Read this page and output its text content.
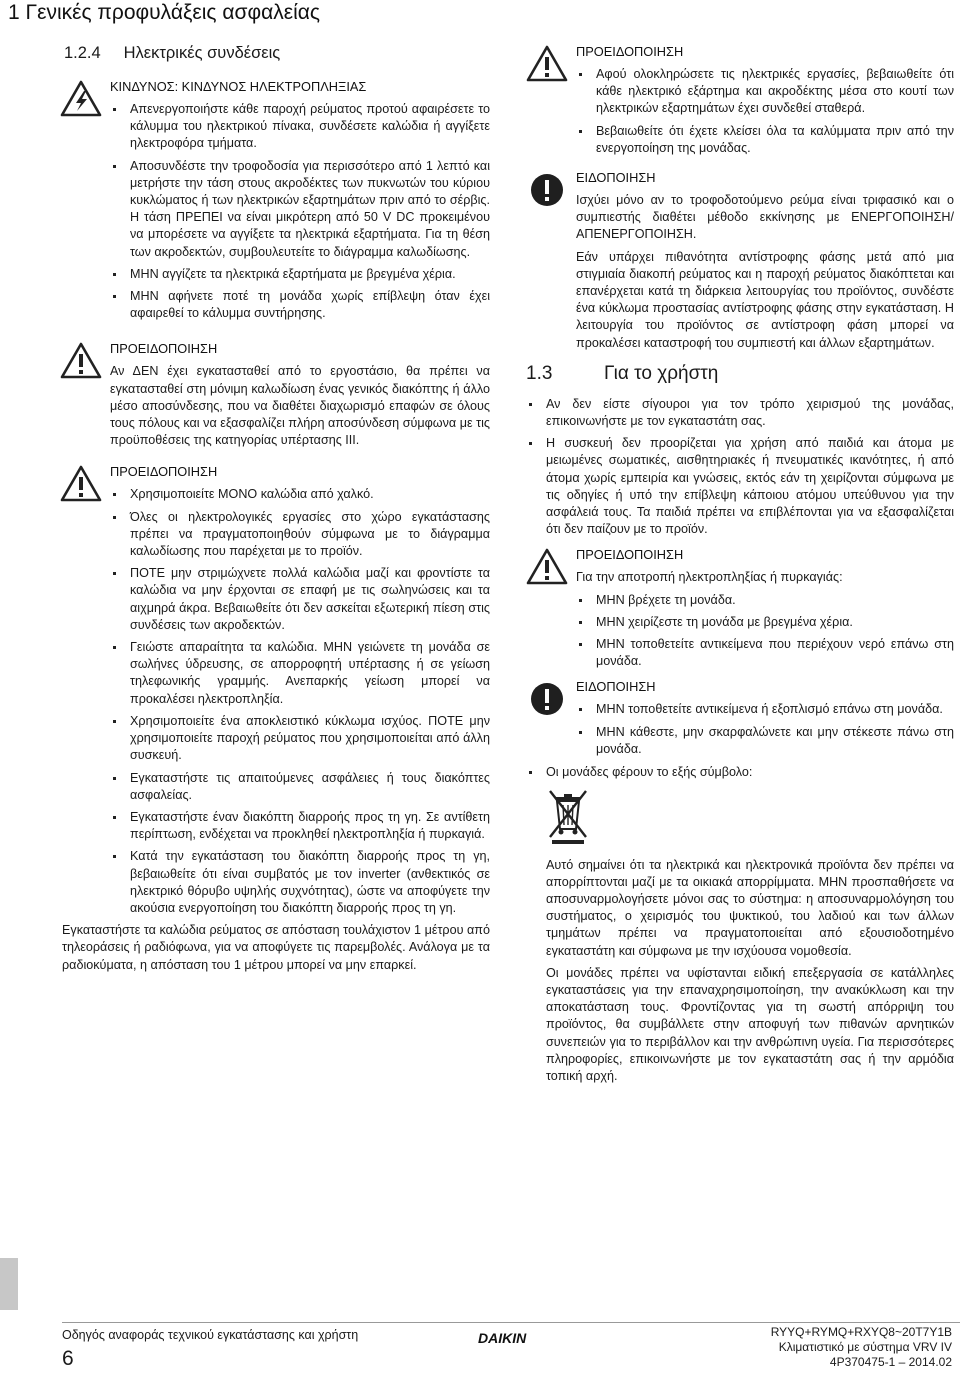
1 Γενικές προφυλάξεις ασφαλείας
1.2.4 Ηλεκτρικές συνδέσεις
ΚΙΝΔΥΝΟΣ: ΚΙΝΔΥΝΟΣ ΗΛΕΚΤΡΟΠΛΗΞΙΑΣ
Απενεργοποιήστε κάθε παροχή ρεύματος προτού αφαιρέσετε το κάλυμμα του ηλεκτρικού πίνακα, συνδέσετε καλώδια ή αγγίξετε ηλεκτροφόρα τμήματα.
Αποσυνδέστε την τροφοδοσία για περισσότερο από 1 λεπτό και μετρήστε την τάση στους ακροδέκτες των πυκνωτών του κύριου κυκλώματος ή των ηλεκτρικών εξαρτημάτων πριν από το σέρβις. Η τάση ΠΡΕΠΕΙ να είναι μικρότερη από 50 V DC προκειμένου να μπορέσετε να αγγίξετε τα ηλεκτρικά εξαρτήματα. Για τη θέση των ακροδεκτών, συμβουλευτείτε το διάγραμμα καλωδίωσης.
ΜΗΝ αγγίζετε τα ηλεκτρικά εξαρτήματα με βρεγμένα χέρια.
ΜΗΝ αφήνετε ποτέ τη μονάδα χωρίς επίβλεψη όταν έχει αφαιρεθεί το κάλυμμα συντήρησης.
ΠΡΟΕΙΔΟΠΟΙΗΣΗ

Αν ΔΕΝ έχει εγκατασταθεί από το εργοστάσιο, θα πρέπει να εγκατασταθεί στη μόνιμη καλωδίωση ένας γενικός διακόπτης ή άλλο μέσο αποσύνδεσης, που να διαθέτει διαχωρισμό επαφών σε όλους τους πόλους και να εξασφαλίζει πλήρη αποσύνδεση σύμφωνα με τις προϋποθέσεις της κατηγορίας υπέρτασης III.

ΠΡΟΕΙΔΟΠΟΙΗΣΗ
Χρησιμοποιείτε ΜΟΝΟ καλώδια από χαλκό.
Όλες οι ηλεκτρολογικές εργασίες στο χώρο εγκατάστασης πρέπει να πραγματοποιηθούν σύμφωνα με το διάγραμμα καλωδίωσης που παρέχεται με το προϊόν.
ΠΟΤΕ μην στριμώχνετε πολλά καλώδια μαζί και φροντίστε τα καλώδια να μην έρχονται σε επαφή με τις σωληνώσεις και τα αιχμηρά άκρα. Βεβαιωθείτε ότι δεν ασκείται εξωτερική πίεση στις συνδέσεις των ακροδεκτών.
Γειώστε απαραίτητα τα καλώδια. ΜΗΝ γειώνετε τη μονάδα σε σωλήνες ύδρευσης, σε απορροφητή υπέρτασης ή σε γείωση τηλεφωνικής γραμμής. Ανεπαρκής γείωση μπορεί να προκαλέσει ηλεκτροπληξία.
Χρησιμοποιείτε ένα αποκλειστικό κύκλωμα ισχύος. ΠΟΤΕ μην χρησιμοποιείτε παροχή ρεύματος που χρησιμοποιείται από άλλη συσκευή.
Εγκαταστήστε τις απαιτούμενες ασφάλειες ή τους διακόπτες ασφαλείας.
Εγκαταστήστε έναν διακόπτη διαρροής προς τη γη. Σε αντίθετη περίπτωση, ενδέχεται να προκληθεί ηλεκτροπληξία ή πυρκαγιά.
Κατά την εγκατάσταση του διακόπτη διαρροής προς τη γη, βεβαιωθείτε ότι είναι συμβατός με τον inverter (ανθεκτικός σε ηλεκτρικό θόρυβο υψηλής συχνότητας), ώστε να αποφύγετε την ακούσια ενεργοποίηση του διακόπτη διαρροής προς τη γη.

Εγκαταστήστε τα καλώδια ρεύματος σε απόσταση τουλάχιστον 1 μέτρου από τηλεοράσεις ή ραδιόφωνα, για να αποφύγετε τις παρεμβολές. Ανάλογα με τα ραδιοκύματα, η απόσταση του 1 μέτρου μπορεί να μην επαρκεί.

ΠΡΟΕΙΔΟΠΟΙΗΣΗ
Αφού ολοκληρώσετε τις ηλεκτρικές εργασίες, βεβαιωθείτε ότι κάθε ηλεκτρικό εξάρτημα και ακροδέκτης μέσα στο κουτί των ηλεκτρικών εξαρτημάτων έχει συνδεθεί σταθερά.
Βεβαιωθείτε ότι έχετε κλείσει όλα τα καλύμματα πριν από την ενεργοποίηση της μονάδας.
ΕΙΔΟΠΟΙΗΣΗ

Ισχύει μόνο αν το τροφοδοτούμενο ρεύμα είναι τριφασικό και ο συμπιεστής διαθέτει μέθοδο εκκίνησης με ΕΝΕΡΓΟΠΟΙΗΣΗ/ΑΠΕΝΕΡΓΟΠΟΙΗΣΗ.

Εάν υπάρχει πιθανότητα αντίστροφης φάσης μετά από μια στιγμιαία διακοπή ρεύματος και η παροχή ρεύματος διακόπτεται και επανέρχεται κατά τη διάρκεια λειτουργίας του προϊόντος, συνδέστε ένα κύκλωμα προστασίας αντίστροφης φάσης στην εγκατάσταση. Η λειτουργία του προϊόντος σε αντίστροφη φάση μπορεί να προκαλέσει καταστροφή του συμπιεστή και άλλων εξαρτημάτων.

1.3	Για το χρήστη
Αν δεν είστε σίγουροι για τον τρόπο χειρισμού της μονάδας, επικοινωνήστε με τον εγκαταστάτη σας.
Η συσκευή δεν προορίζεται για χρήση από παιδιά και άτομα με μειωμένες σωματικές, αισθητηριακές ή πνευματικές ικανότητες, ή από άτομα χωρίς εμπειρία και γνώσεις, εκτός εάν τη χειρίζονται σύμφωνα με τις οδηγίες ή υπό την επίβλεψη κάποιου ατόμου υπεύθυνου για την ασφάλειά τους. Τα παιδιά πρέπει να επιβλέπονται για να εξασφαλίζεται ότι δεν παίζουν με το προϊόν.
ΠΡΟΕΙΔΟΠΟΙΗΣΗ

Για την αποτροπή ηλεκτροπληξίας ή πυρκαγιάς:

ΜΗΝ βρέχετε τη μονάδα.
ΜΗΝ χειρίζεστε τη μονάδα με βρεγμένα χέρια.
ΜΗΝ τοποθετείτε αντικείμενα που περιέχουν νερό επάνω στη μονάδα.
ΕΙΔΟΠΟΙΗΣΗ
ΜΗΝ τοποθετείτε αντικείμενα ή εξοπλισμό επάνω στη μονάδα.
ΜΗΝ κάθεστε, μην σκαρφαλώνετε και μην στέκεστε πάνω στη μονάδα.
Οι μονάδες φέρουν το εξής σύμβολο:

Αυτό σημαίνει ότι τα ηλεκτρικά και ηλεκτρονικά προϊόντα δεν πρέπει να απορρίπτονται μαζί με τα οικιακά απορρίμματα. ΜΗΝ προσπαθήσετε να αποσυναρμολογήσετε μόνοι σας το σύστημα: η αποσυναρμολόγηση του συστήματος, ο χειρισμός του ψυκτικού, του λαδιού και των άλλων τμημάτων πρέπει να πραγματοποιείται από εξουσιοδοτημένο εγκαταστάτη και σύμφωνα με την ισχύουσα νομοθεσία.

Οι μονάδες πρέπει να υφίστανται ειδική επεξεργασία σε κατάλληλες εγκαταστάσεις για την επαναχρησιμοποίηση, την ανακύκλωση και την αποκατάσταση τους. Φροντίζοντας για τη σωστή απόρριψη του προϊόντος, θα συμβάλλετε στην αποφυγή των πιθανών αρνητικών συνεπειών για το περιβάλλον και την ανθρώπινη υγεία. Για περισσότερες πληροφορίες, επικοινωνήστε με τον εγκαταστάτη σας ή την αρμόδια τοπική αρχή.

Οδηγός αναφοράς τεχνικού εγκατάστασης και χρήστη
6
DAIKIN	RYYQ+RYMQ+RXYQ8~20T7Y1B
Κλιματιστικό με σύστημα VRV IV
4P370475-1 – 2014.02
